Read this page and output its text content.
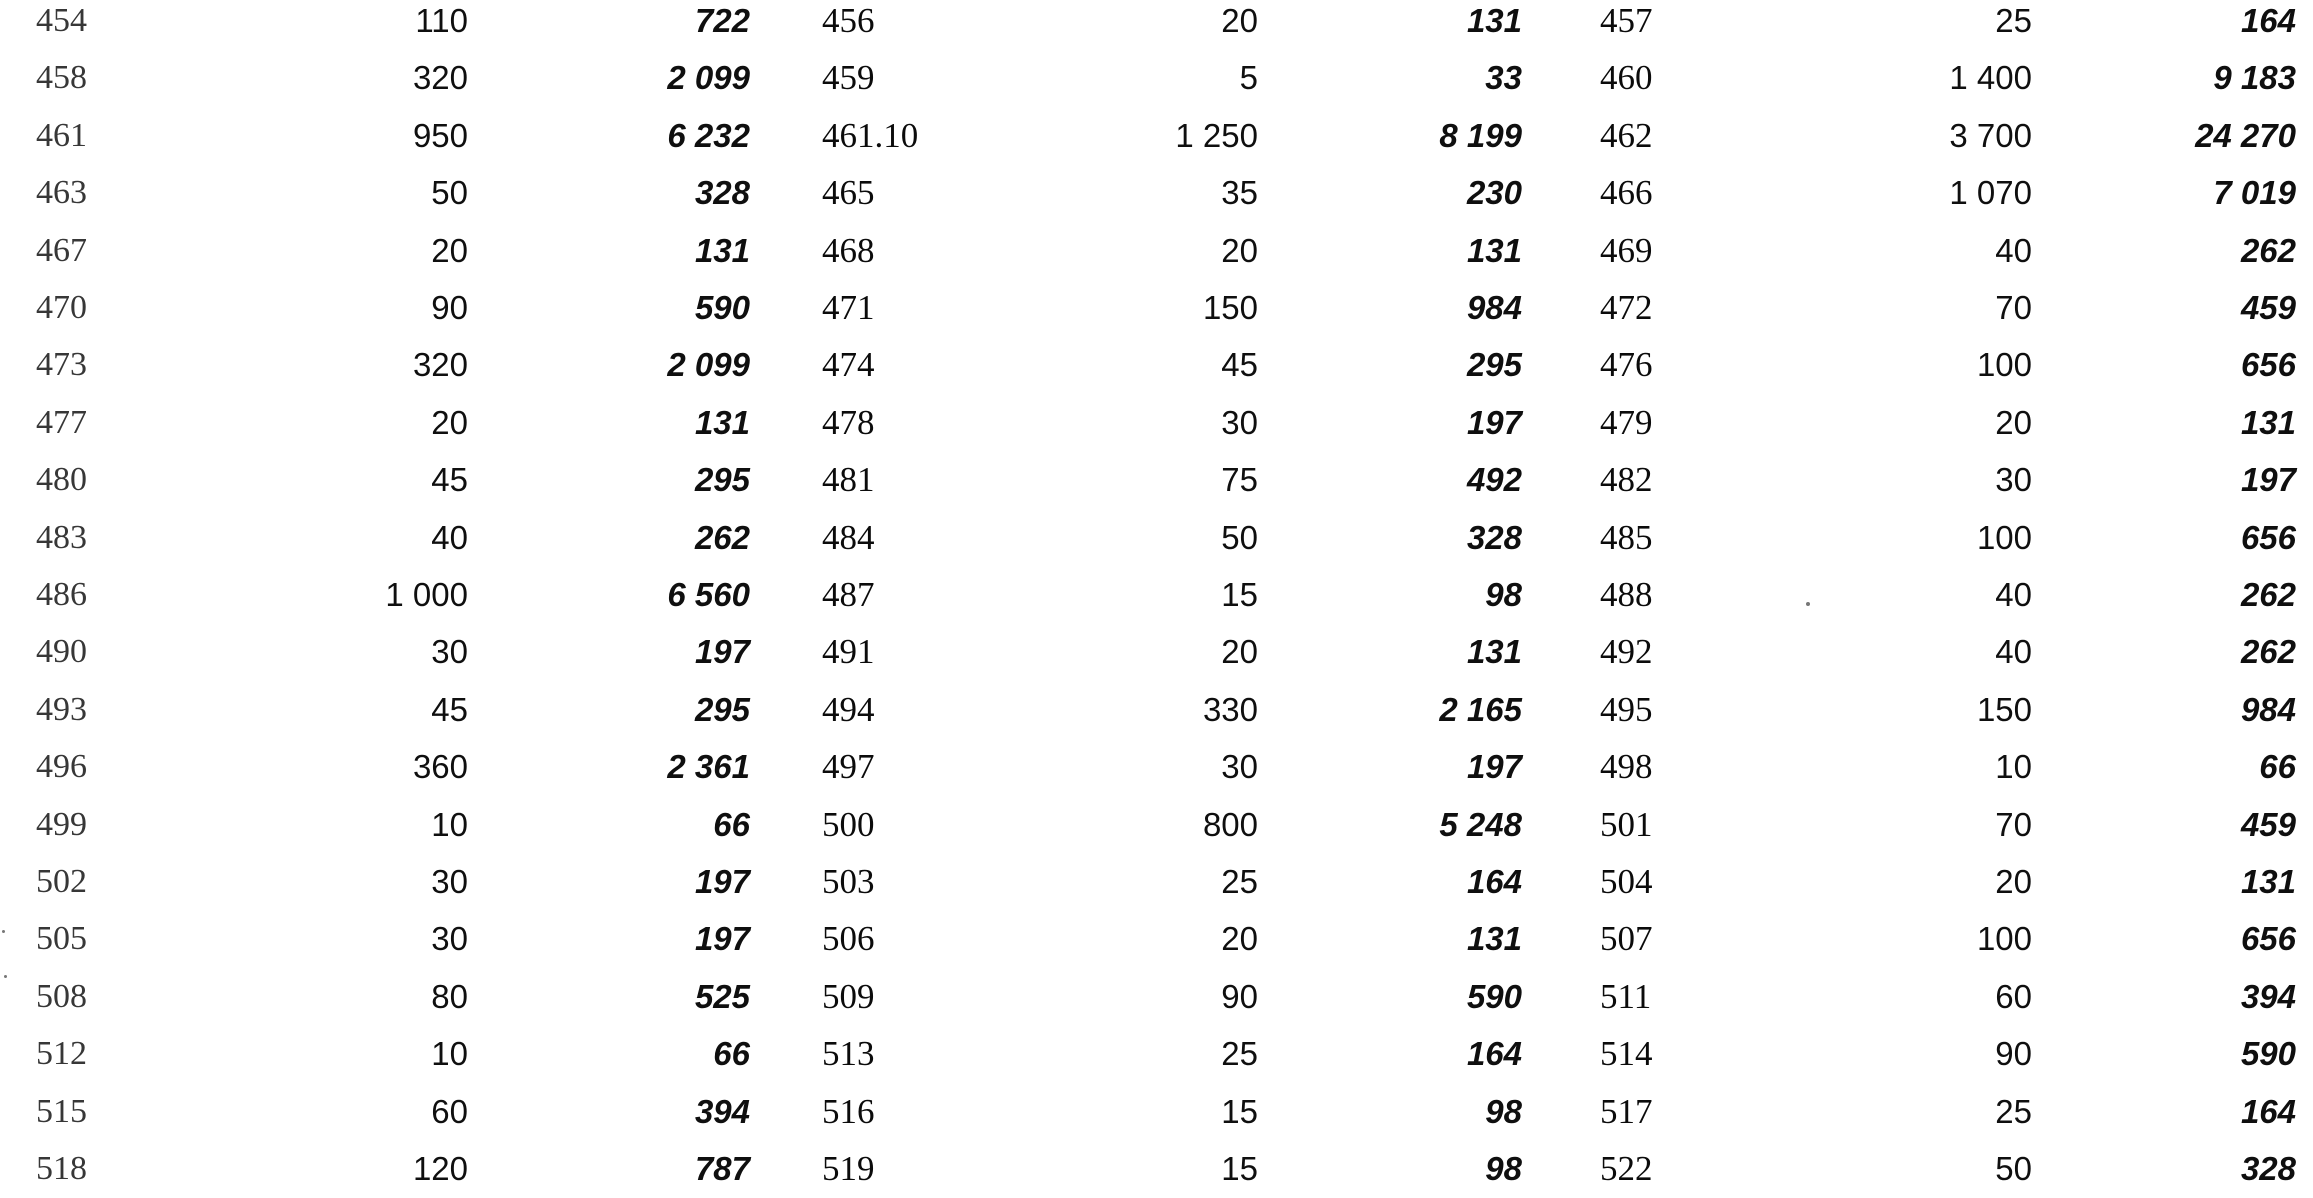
454	110	722 456	20	131 457	25	164
458	320	2 099 459	5	33 460	1 400	9 183
461	950	6 232 461.10	1 250	8 199 462	3 700	24 270
463	50	328 465	35	230 466	1 070	7 019
467	20	131 468	20	131 469	40	262
470	90	590 471	150	984 472	70	459
473	320	2 099 474	45	295 476	100	656
477	20	131 478	30	197 479	20	131
480	45	295 481	75	492 482	30	197
483	40	262 484	50	328 485	100	656
486	1 000	6 560 487	15	98 488	40	262
490	30	197 491	20	131 492	40	262
493	45	295 494	330	2 165 495	150	984
496	360	2 361 497	30	197 498	10	66
499	10	66 500	800	5 248 501	70	459
502	30	197 503	25	164 504	20	131
505	30	197 506	20	131 507	100	656
508	80	525 509	90	590 511	60	394
512	10	66 513	25	164 514	90	590
515	60	394 516	15	98 517	25	164
518	120	787 519	15	98 522	50	328
